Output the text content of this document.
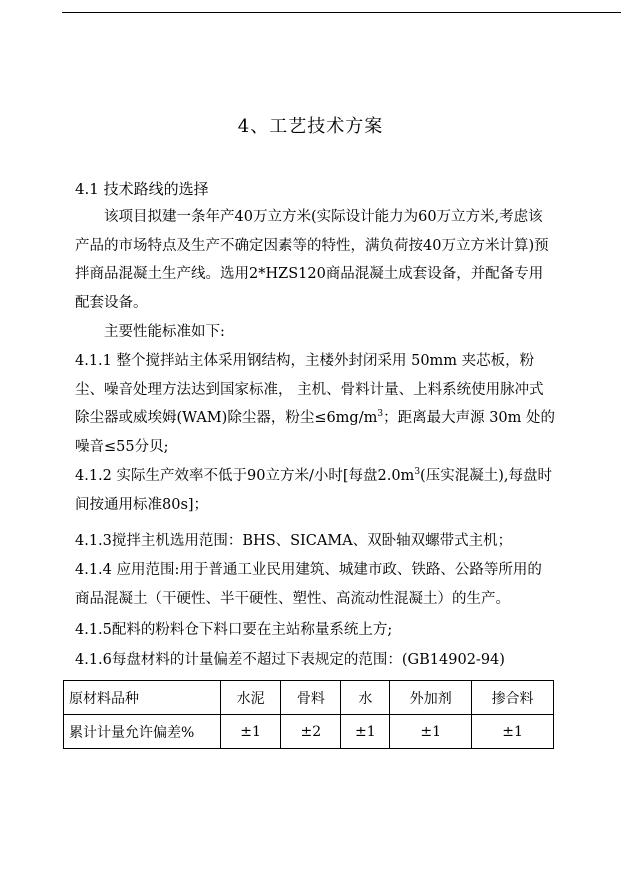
4、工艺技术方案
4.1 技术路线的选择

该项目拟建一条年产40万立方米(实际设计能力为60万立方米,考虑该产品的市场特点及生产不确定因素等的特性，满负荷按40万立方米计算)预拌商品混凝土生产线。选用2*HZS120商品混凝土成套设备，并配备专用配套设备。

主要性能标准如下:

4.1.1 整个搅拌站主体采用钢结构，主楼外封闭采用 50mm 夹芯板，粉尘、噪音处理方法达到国家标准， 主机、骨料计量、上料系统使用脉冲式除尘器或威埃姆(WAM)除尘器，粉尘$\le 6mg/m^3$；距离最大声源 30m 处的噪音≤55分贝;

4.1.2 实际生产效率不低于90立方米/小时[每盘$2.0m^3$(压实混凝土),每盘时间按通用标准80s]；

4.1.3搅拌主机选用范围：BHS、SICAMA、双卧轴双螺带式主机；

4.1.4 应用范围:用于普通工业民用建筑、城建市政、铁路、公路等所用的商品混凝土（干硬性、半干硬性、塑性、高流动性混凝土）的生产。

4.1.5配料的粉料仓下料口要在主站称量系统上方;

4.1.6每盘材料的计量偏差不超过下表规定的范围：(GB14902-94)

原材料品种	水泥	骨料	水	外加剂	掺合料
累计计量允许偏差%	±1	±2	±1	±1	±1
